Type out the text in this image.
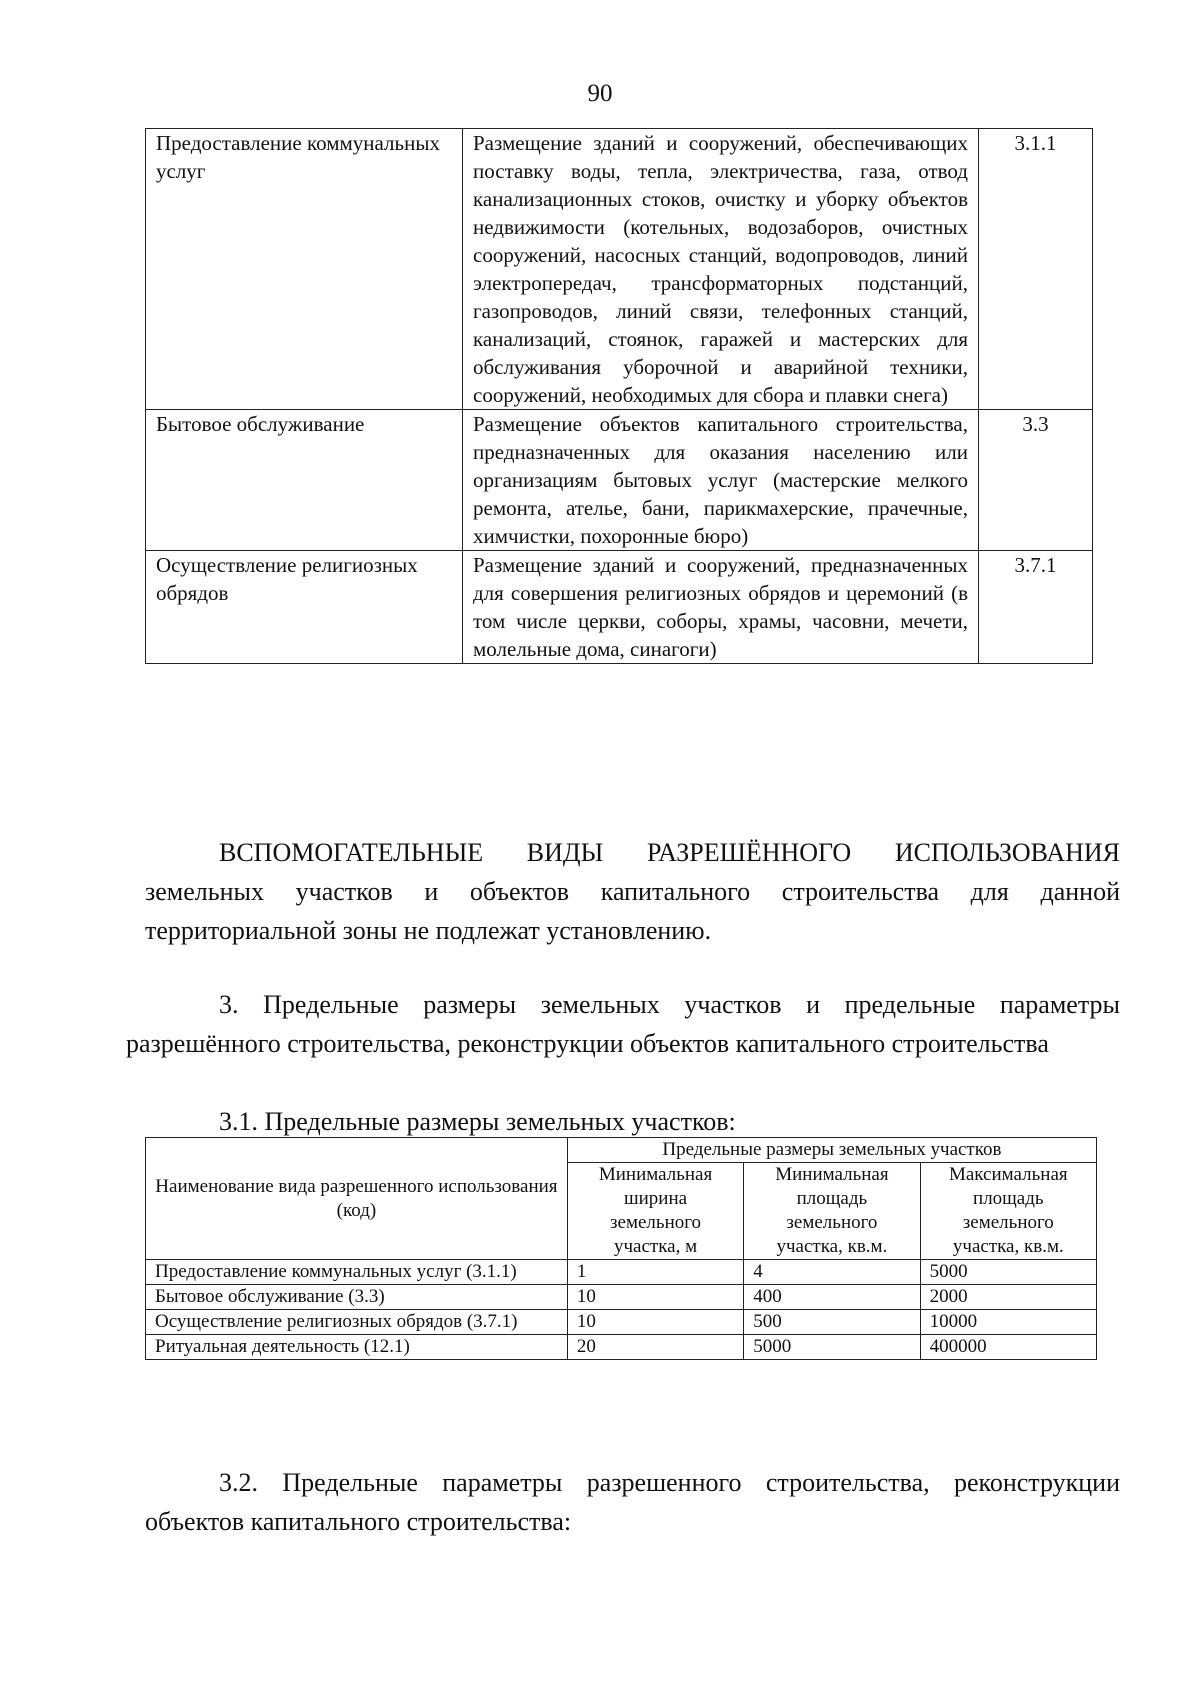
90
Предоставление коммунальных услуг	Размещение зданий и сооружений, обеспечивающих поставку воды, тепла, электричества, газа, отвод канализационных стоков, очистку и уборку объектов недвижимости (котельных, водозаборов, очистных сооружений, насосных станций, водопроводов, линий электропередач, трансформаторных подстанций, газопроводов, линий связи, телефонных станций, канализаций, стоянок, гаражей и мастерских для обслуживания уборочной и аварийной техники, сооружений, необходимых для сбора и плавки снега)	3.1.1
Бытовое обслуживание	Размещение объектов капитального строительства, предназначенных для оказания населению или организациям бытовых услуг (мастерские мелкого ремонта, ателье, бани, парикмахерские, прачечные, химчистки, похоронные бюро)	3.3
Осуществление религиозных обрядов	Размещение зданий и сооружений, предназначенных для совершения религиозных обрядов и церемоний (в том числе церкви, соборы, храмы, часовни, мечети, молельные дома, синагоги)	3.7.1

ВСПОМОГАТЕЛЬНЫЕ ВИДЫ РАЗРЕШЁННОГО ИСПОЛЬЗОВАНИЯ земельных участков и объектов капитального строительства для данной территориальной зоны не подлежат установлению.

3. Предельные размеры земельных участков и предельные параметры разрешённого строительства, реконструкции объектов капитального строительства

3.1. Предельные размеры земельных участков:

Наименование вида разрешенного использования (код)	Предельные размеры земельных участков		
	Минимальная ширина земельного участка, м	Минимальная площадь земельного участка, кв.м.	Максимальная площадь земельного участка, кв.м.
Предоставление коммунальных услуг (3.1.1)	1	4	5000
Бытовое обслуживание (3.3)	10	400	2000
Осуществление религиозных обрядов (3.7.1)	10	500	10000
Ритуальная деятельность (12.1)	20	5000	400000

3.2. Предельные параметры разрешенного строительства, реконструкции объектов капитального строительства:
